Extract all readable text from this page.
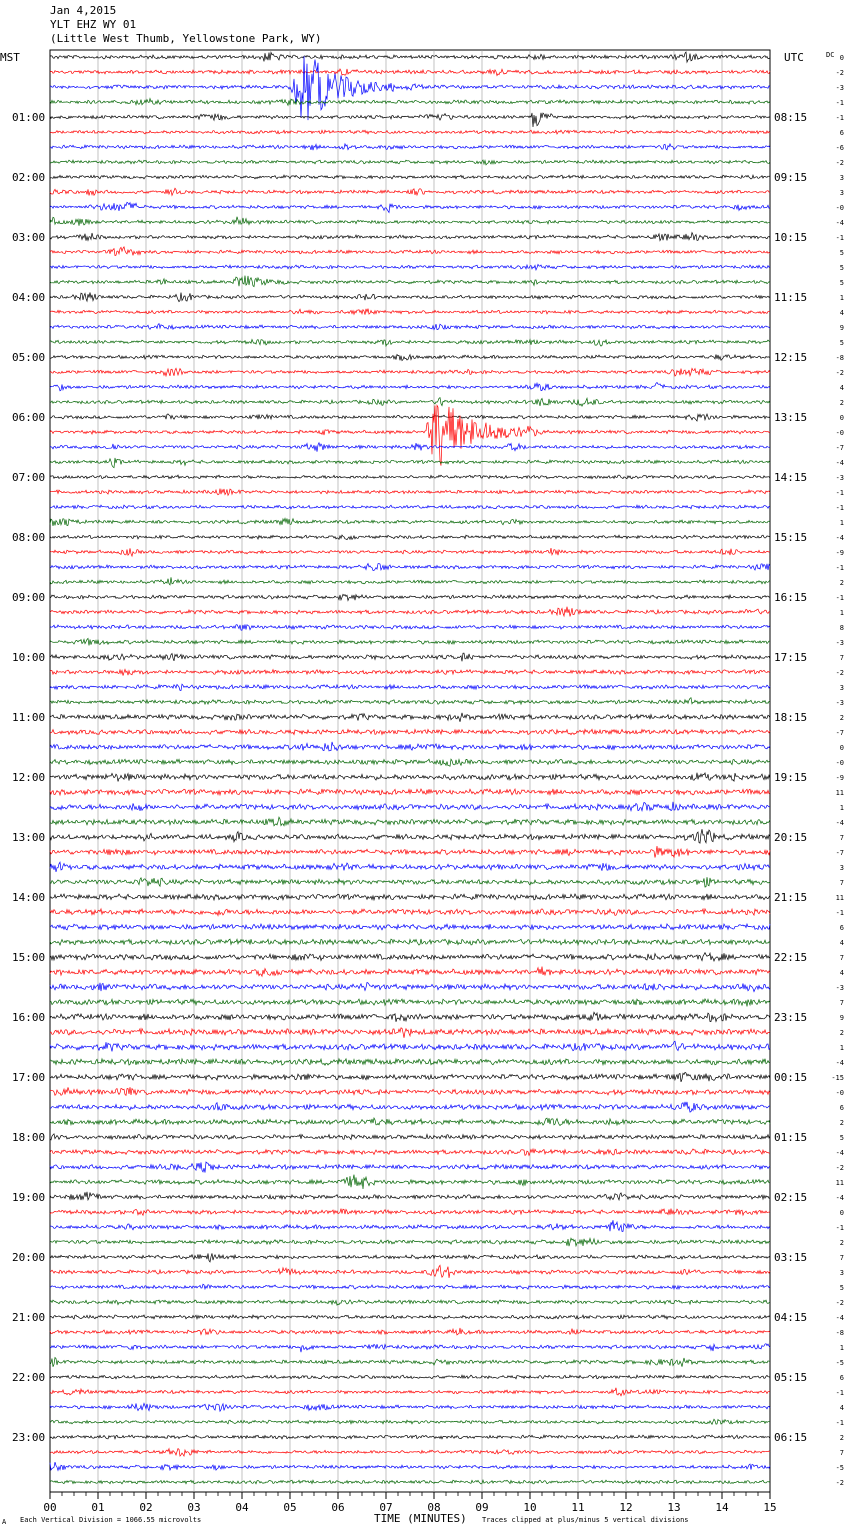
Jan 4,2015
YLT EHZ WY 01
(Little West Thumb, Yellowstone Park, WY)
MST	UTC	DC
01:00
02:00
03:00
04:00
05:00
06:00
07:00
08:00
09:00
10:00
11:00
12:00
13:00
14:00
15:00
16:00
17:00
18:00
19:00
20:00
21:00
22:00
23:00
08:15
09:15
10:15
11:15
12:15
13:15
14:15
15:15
16:15
17:15
18:15
19:15
20:15
21:15
22:15
23:15
00:15
01:15
02:15
03:15
04:15
05:15
06:15
0
-2
-3
-1
-1
6
-6
-2
3
3
-0
-4
-1
5
5
5
1
4
9
5
-8
-2
4
2
0
-0
-7
-4
-3
-1
-1
1
-4
-9
-1
2
-1
1
8
-3
7
-2
3
-3
2
-7
0
-0
-9
11
1
-4
7
-7
3
7
11
-1
6
4
7
4
-3
7
9
2
1
-4
-15
-0
6
2
5
-4
-2
11
-4
0
-1
2
7
3
5
-2
-4
-8
1
-5
6
-1
4
-1
2
7
-5
-2
00	01	02	03	04	05	06	07	08	09	10	11	12	13	14	15
A Each Vertical Division = 1066.55 microvolts	TIME (MINUTES) Traces clipped at plus/minus 5 vertical divisions
